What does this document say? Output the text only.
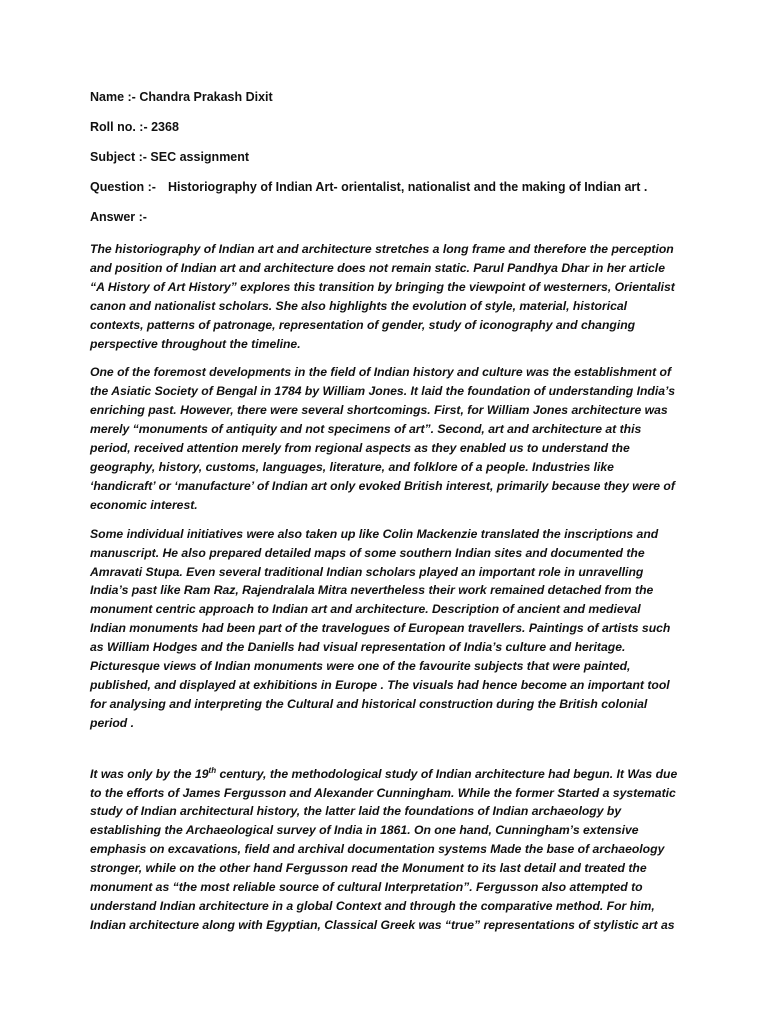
Name :- Chandra Prakash Dixit

Roll no. :- 2368

Subject :- SEC assignment

Question :- Historiography of Indian Art- orientalist, nationalist and the making of Indian art .

Answer :-

The historiography of Indian art and architecture stretches a long frame and therefore the perception and position of Indian art and architecture does not remain static. Parul Pandhya Dhar in her article “A History of Art History” explores this transition by bringing the viewpoint of westerners, Orientalist canon and nationalist scholars. She also highlights the evolution of style, material, historical contexts, patterns of patronage, representation of gender, study of iconography and changing perspective throughout the timeline.

One of the foremost developments in the field of Indian history and culture was the establishment of the Asiatic Society of Bengal in 1784 by William Jones. It laid the foundation of understanding India’s enriching past. However, there were several shortcomings. First, for William Jones architecture was merely “monuments of antiquity and not specimens of art”. Second, art and architecture at this period, received attention merely from regional aspects as they enabled us to understand the geography, history, customs, languages, literature, and folklore of a people. Industries like ‘handicraft’ or ‘manufacture’ of Indian art only evoked British interest, primarily because they were of economic interest.

Some individual initiatives were also taken up like Colin Mackenzie translated the inscriptions and manuscript. He also prepared detailed maps of some southern Indian sites and documented the Amravati Stupa. Even several traditional Indian scholars played an important role in unravelling India’s past like Ram Raz, Rajendralala Mitra nevertheless their work remained detached from the monument centric approach to Indian art and architecture. Description of ancient and medieval Indian monuments had been part of the travelogues of European travellers. Paintings of artists such as William Hodges and the Daniells had visual representation of India’s culture and heritage. Picturesque views of Indian monuments were one of the favourite subjects that were painted, published, and displayed at exhibitions in Europe . The visuals had hence become an important tool for analysing and interpreting the Cultural and historical construction during the British colonial period .

It was only by the 19th century, the methodological study of Indian architecture had begun. It Was due to the efforts of James Fergusson and Alexander Cunningham. While the former Started a systematic study of Indian architectural history, the latter laid the foundations of Indian archaeology by establishing the Archaeological survey of India in 1861. On one hand, Cunningham’s extensive emphasis on excavations, field and archival documentation systems Made the base of archaeology stronger, while on the other hand Fergusson read the Monument to its last detail and treated the monument as “the most reliable source of cultural Interpretation”. Fergusson also attempted to understand Indian architecture in a global Context and through the comparative method. For him, Indian architecture along with Egyptian, Classical Greek was “true” representations of stylistic art as
